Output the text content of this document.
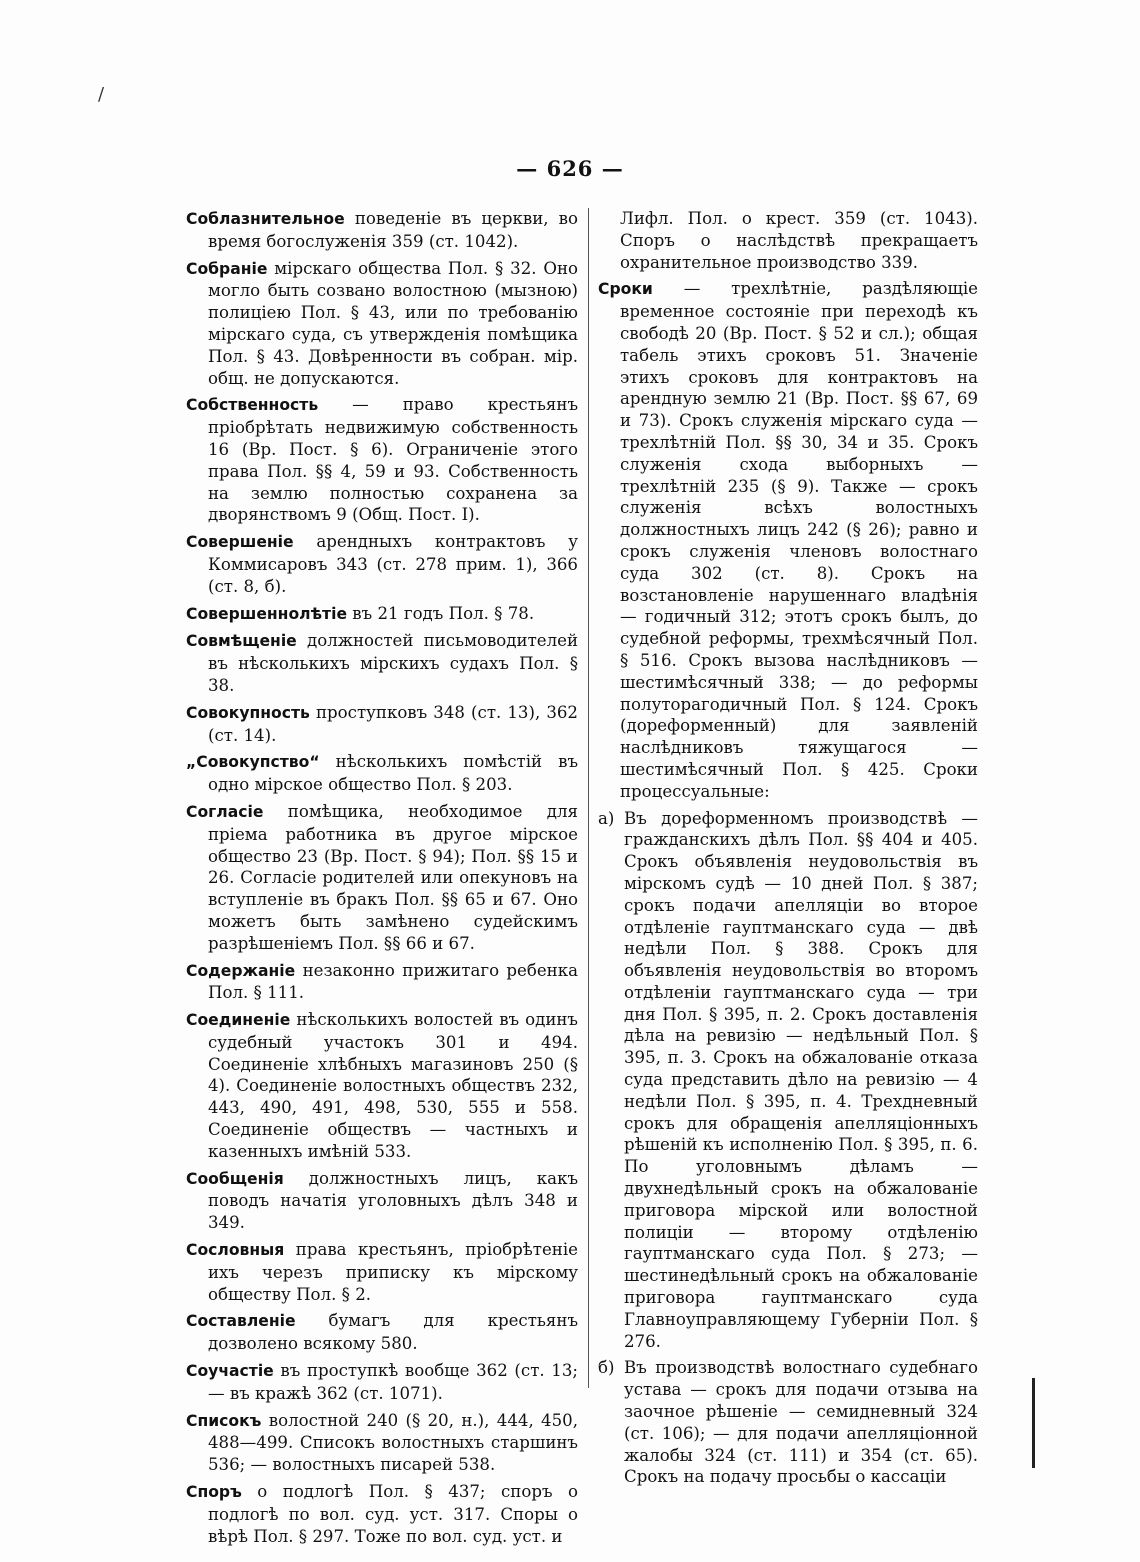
/
— 626 —

Соблазнительное поведеніе въ церкви, во время богослуженія 359 (ст. 1042).

Собраніе мірскаго общества Пол. § 32. Оно могло быть созвано волостною (мызною) полиціею Пол. § 43, или по требованію мірскаго суда, съ утвержденія помѣщика Пол. § 43. Довѣренности въ собран. мір. общ. не допускаются.

Собственность — право крестьянъ пріобрѣтать недвижимую собственность 16 (Вр. Пост. § 6). Ограниченіе этого права Пол. §§ 4, 59 и 93. Собственность на землю полностью сохранена за дворянствомъ 9 (Общ. Пост. I).

Совершеніе арендныхъ контрактовъ у Коммисаровъ 343 (ст. 278 прим. 1), 366 (ст. 8, б).

Совершеннолѣтіе въ 21 годъ Пол. § 78.

Совмѣщеніе должностей письмоводителей въ нѣсколькихъ мірскихъ судахъ Пол. § 38.

Совокупность проступковъ 348 (ст. 13), 362 (ст. 14).

„Совокупство“ нѣсколькихъ помѣстій въ одно мірское общество Пол. § 203.

Согласіе помѣщика, необходимое для пріема работника въ другое мірское общество 23 (Вр. Пост. § 94); Пол. §§ 15 и 26. Согласіе родителей или опекуновъ на вступленіе въ бракъ Пол. §§ 65 и 67. Оно можетъ быть замѣнено судейскимъ разрѣшеніемъ Пол. §§ 66 и 67.

Содержаніе незаконно прижитаго ребенка Пол. § 111.

Соединеніе нѣсколькихъ волостей въ одинъ судебный участокъ 301 и 494. Соединеніе хлѣбныхъ магазиновъ 250 (§ 4). Соединеніе волостныхъ обществъ 232, 443, 490, 491, 498, 530, 555 и 558. Соединеніе обществъ — частныхъ и казенныхъ имѣній 533.

Сообщенія должностныхъ лицъ, какъ поводъ начатія уголовныхъ дѣлъ 348 и 349.

Сословныя права крестьянъ, пріобрѣтеніе ихъ черезъ приписку къ мірскому обществу Пол. § 2.

Составленіе бумагъ для крестьянъ дозволено всякому 580.

Соучастіе въ проступкѣ вообще 362 (ст. 13; — въ кражѣ 362 (ст. 1071).

Списокъ волостной 240 (§ 20, н.), 444, 450, 488—499. Списокъ волостныхъ старшинъ 536; — волостныхъ писарей 538.

Споръ о подлогѣ Пол. § 437; споръ о подлогѣ по вол. суд. уст. 317. Споры о вѣрѣ Пол. § 297. Тоже по вол. суд. уст. и

Лифл. Пол. о крест. 359 (ст. 1043). Споръ о наслѣдствѣ прекращаетъ охранительное производство 339.

Сроки — трехлѣтніе, раздѣляющіе временное состояніе при переходѣ къ свободѣ 20 (Вр. Пост. § 52 и сл.); общая табель этихъ сроковъ 51. Значеніе этихъ сроковъ для контрактовъ на арендную землю 21 (Вр. Пост. §§ 67, 69 и 73). Срокъ служенія мірскаго суда — трехлѣтній Пол. §§ 30, 34 и 35. Срокъ служенія схода выборныхъ — трехлѣтній 235 (§ 9). Также — срокъ служенія всѣхъ волостныхъ должностныхъ лицъ 242 (§ 26); равно и срокъ служенія членовъ волостнаго суда 302 (ст. 8). Срокъ на возстановленіе нарушеннаго владѣнія — годичный 312; этотъ срокъ былъ, до судебной реформы, трехмѣсячный Пол. § 516. Срокъ вызова наслѣдниковъ — шестимѣсячный 338; — до реформы полуторагодичный Пол. § 124. Срокъ (дореформенный) для заявленій наслѣдниковъ тяжущагося — шестимѣсячный Пол. § 425. Сроки процессуальные:

а) Въ дореформенномъ производствѣ — гражданскихъ дѣлъ Пол. §§ 404 и 405. Срокъ объявленія неудовольствія въ мірскомъ судѣ — 10 дней Пол. § 387; срокъ подачи апелляціи во второе отдѣленіе гауптманскаго суда — двѣ недѣли Пол. § 388. Срокъ для объявленія неудовольствія во второмъ отдѣленіи гауптманскаго суда — три дня Пол. § 395, п. 2. Срокъ доставленія дѣла на ревизію — недѣльный Пол. § 395, п. 3. Срокъ на обжалованіе отказа суда представить дѣло на ревизію — 4 недѣли Пол. § 395, п. 4. Трехдневный срокъ для обращенія апелляціонныхъ рѣшеній къ исполненію Пол. § 395, п. 6. По уголовнымъ дѣламъ — двухнедѣльный срокъ на обжалованіе приговора мірской или волостной полиціи — второму отдѣленію гауптманскаго суда Пол. § 273; — шестинедѣльный срокъ на обжалованіе приговора гауптманскаго суда Главноуправляющему Губерніи Пол. § 276.

б) Въ производствѣ волостнаго судебнаго устава — срокъ для подачи отзыва на заочное рѣшеніе — семидневный 324 (ст. 106); — для подачи апелляціонной жалобы 324 (ст. 111) и 354 (ст. 65). Срокъ на подачу просьбы о кассаціи
